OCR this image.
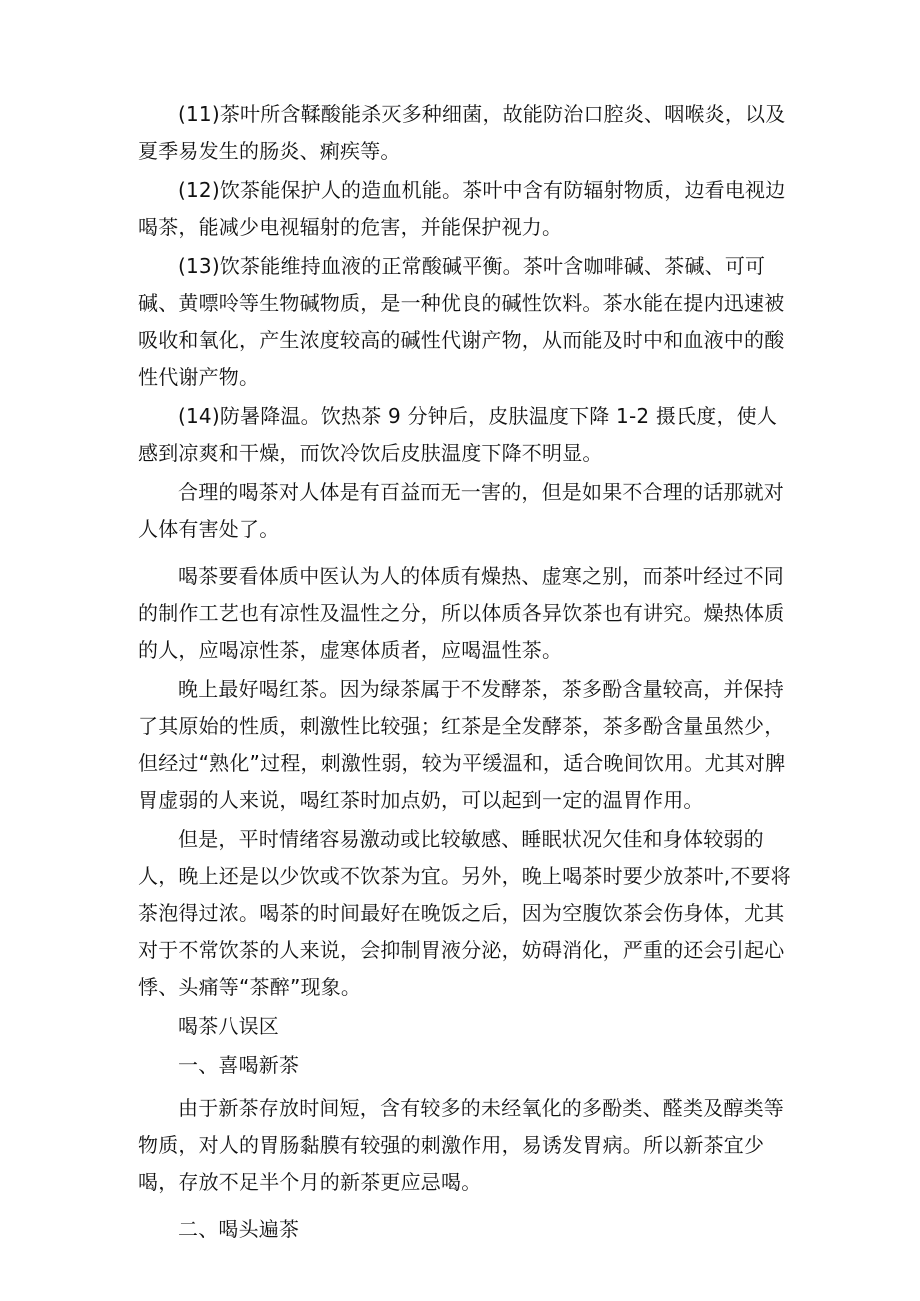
(11)茶叶所含鞣酸能杀灭多种细菌，故能防治口腔炎、咽喉炎，以及夏季易发生的肠炎、痢疾等。

(12)饮茶能保护人的造血机能。茶叶中含有防辐射物质，边看电视边喝茶，能减少电视辐射的危害，并能保护视力。

(13)饮茶能维持血液的正常酸碱平衡。茶叶含咖啡碱、茶碱、可可碱、黄嘌呤等生物碱物质，是一种优良的碱性饮料。茶水能在提内迅速被吸收和氧化，产生浓度较高的碱性代谢产物，从而能及时中和血液中的酸性代谢产物。

(14)防暑降温。饮热茶 9 分钟后，皮肤温度下降 1-2 摄氏度，使人感到凉爽和干燥，而饮冷饮后皮肤温度下降不明显。

合理的喝茶对人体是有百益而无一害的，但是如果不合理的话那就对人体有害处了。

喝茶要看体质中医认为人的体质有燥热、虚寒之别，而茶叶经过不同的制作工艺也有凉性及温性之分，所以体质各异饮茶也有讲究。燥热体质的人，应喝凉性茶，虚寒体质者，应喝温性茶。

晚上最好喝红茶。因为绿茶属于不发酵茶，茶多酚含量较高，并保持了其原始的性质，刺激性比较强；红茶是全发酵茶，茶多酚含量虽然少，但经过“熟化”过程，刺激性弱，较为平缓温和，适合晚间饮用。尤其对脾胃虚弱的人来说，喝红茶时加点奶，可以起到一定的温胃作用。

但是，平时情绪容易激动或比较敏感、睡眠状况欠佳和身体较弱的人，晚上还是以少饮或不饮茶为宜。另外，晚上喝茶时要少放茶叶,不要将茶泡得过浓。喝茶的时间最好在晚饭之后，因为空腹饮茶会伤身体，尤其对于不常饮茶的人来说，会抑制胃液分泌，妨碍消化，严重的还会引起心悸、头痛等“茶醉”现象。

喝茶八误区

一、喜喝新茶

由于新茶存放时间短，含有较多的未经氧化的多酚类、醛类及醇类等物质，对人的胃肠黏膜有较强的刺激作用，易诱发胃病。所以新茶宜少喝，存放不足半个月的新茶更应忌喝。

二、喝头遍茶
